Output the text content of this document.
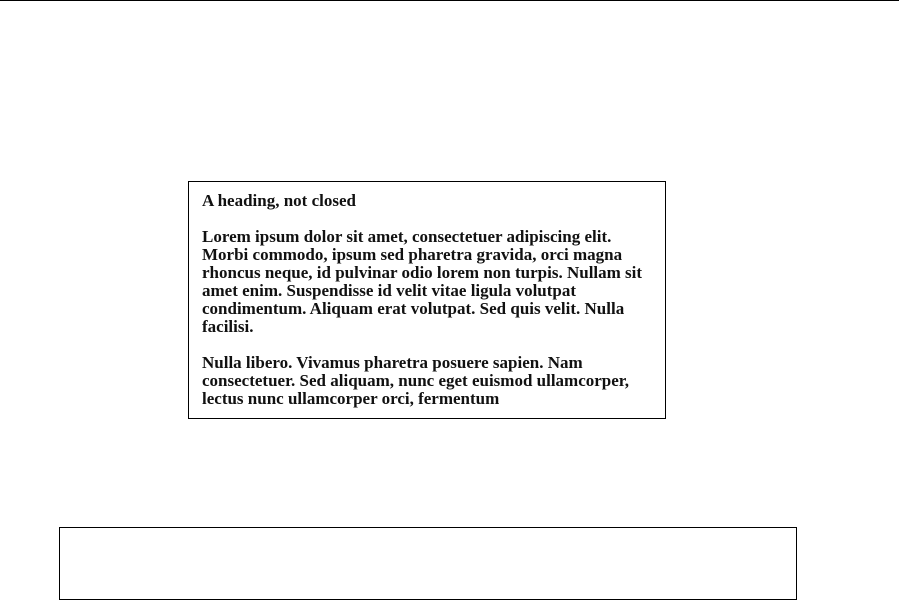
A heading, not closed

Lorem ipsum dolor sit amet, consectetuer adipiscing elit. Morbi commodo, ipsum sed pharetra gravida, orci magna rhoncus neque, id pulvinar odio lorem non turpis. Nullam sit amet enim. Suspendisse id velit vitae ligula volutpat condimentum. Aliquam erat volutpat. Sed quis velit. Nulla facilisi.

Nulla libero. Vivamus pharetra posuere sapien. Nam consectetuer. Sed aliquam, nunc eget euismod ullamcorper, lectus nunc ullamcorper orci, fermentum
